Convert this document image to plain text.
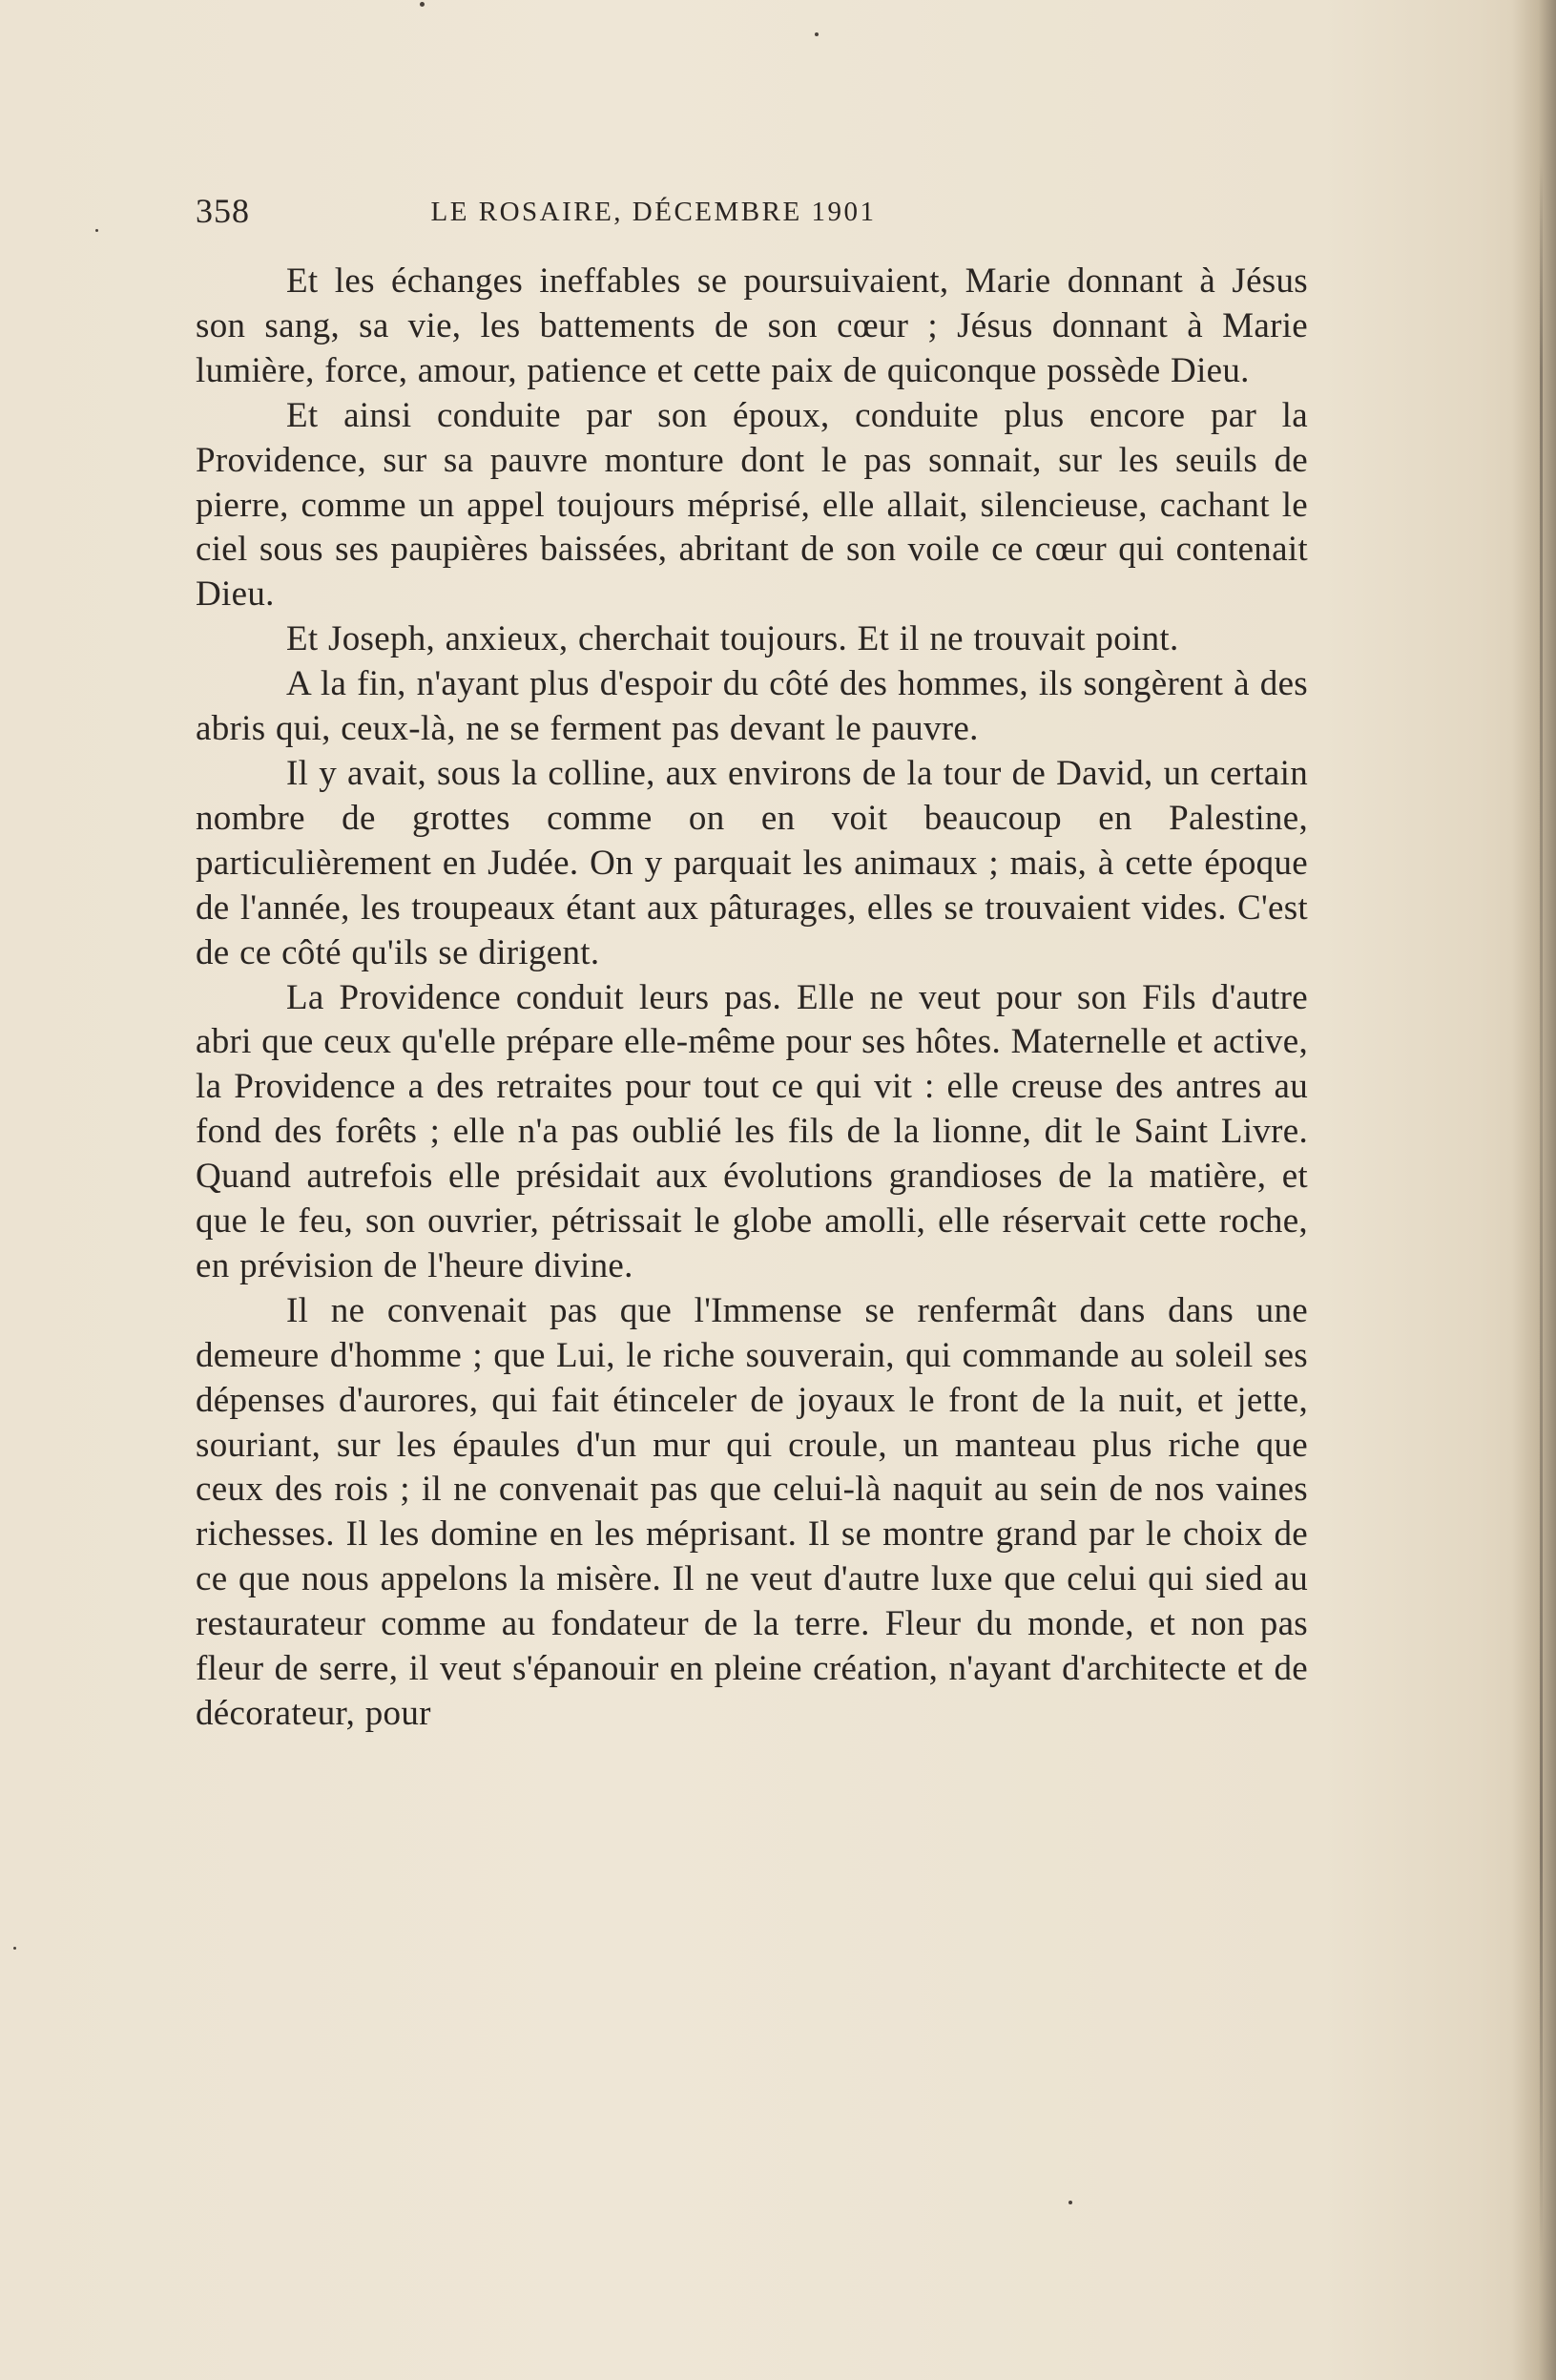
358	LE ROSAIRE, DÉCEMBRE 1901

Et les échanges ineffables se poursuivaient, Marie donnant à Jésus son sang, sa vie, les battements de son cœur ; Jésus donnant à Marie lumière, force, amour, patience et cette paix de quiconque possède Dieu.

Et ainsi conduite par son époux, conduite plus encore par la Providence, sur sa pauvre monture dont le pas sonnait, sur les seuils de pierre, comme un appel toujours méprisé, elle allait, silencieuse, cachant le ciel sous ses paupières baissées, abritant de son voile ce cœur qui contenait Dieu.

Et Joseph, anxieux, cherchait toujours. Et il ne trouvait point.

A la fin, n'ayant plus d'espoir du côté des hommes, ils songèrent à des abris qui, ceux-là, ne se ferment pas devant le pauvre.

Il y avait, sous la colline, aux environs de la tour de David, un certain nombre de grottes comme on en voit beaucoup en Palestine, particulièrement en Judée. On y parquait les animaux ; mais, à cette époque de l'année, les troupeaux étant aux pâturages, elles se trouvaient vides. C'est de ce côté qu'ils se dirigent.

La Providence conduit leurs pas. Elle ne veut pour son Fils d'autre abri que ceux qu'elle prépare elle-même pour ses hôtes. Maternelle et active, la Providence a des retraites pour tout ce qui vit : elle creuse des antres au fond des forêts ; elle n'a pas oublié les fils de la lionne, dit le Saint Livre. Quand autrefois elle présidait aux évolutions grandioses de la matière, et que le feu, son ouvrier, pétrissait le globe amolli, elle réservait cette roche, en prévision de l'heure divine.

Il ne convenait pas que l'Immense se renfermât dans dans une demeure d'homme ; que Lui, le riche souverain, qui commande au soleil ses dépenses d'aurores, qui fait étinceler de joyaux le front de la nuit, et jette, souriant, sur les épaules d'un mur qui croule, un manteau plus riche que ceux des rois ; il ne convenait pas que celui-là naquit au sein de nos vaines richesses. Il les domine en les méprisant. Il se montre grand par le choix de ce que nous appelons la misère. Il ne veut d'autre luxe que celui qui sied au restaurateur comme au fondateur de la terre. Fleur du monde, et non pas fleur de serre, il veut s'épanouir en pleine création, n'ayant d'architecte et de décorateur, pour
